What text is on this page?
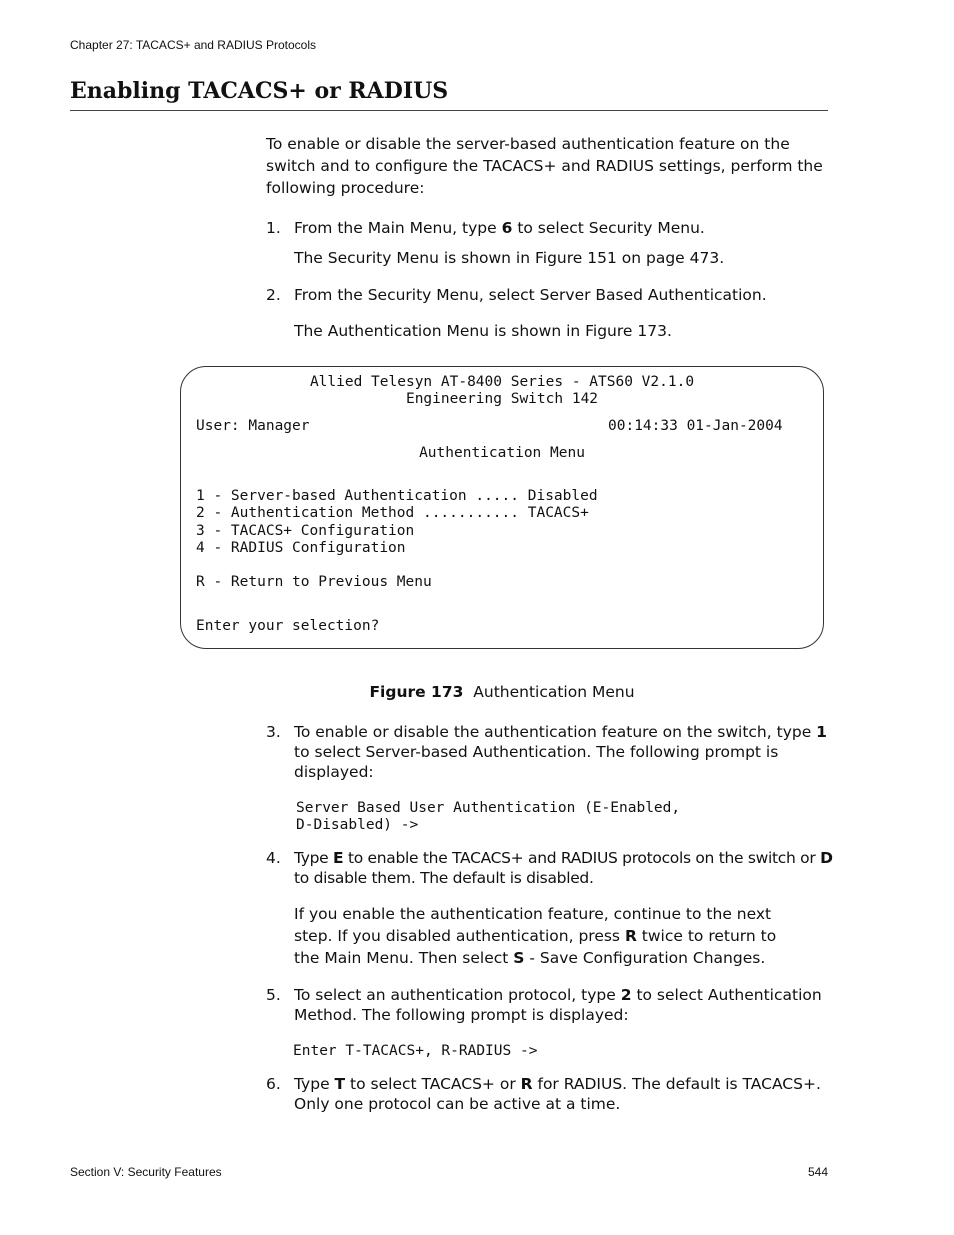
Chapter 27: TACACS+ and RADIUS Protocols
Enabling TACACS+ or RADIUS
To enable or disable the server-based authentication feature on the switch and to configure the TACACS+ and RADIUS settings, perform the following procedure:
1. From the Main Menu, type 6 to select Security Menu.
The Security Menu is shown in Figure 151 on page 473.
2. From the Security Menu, select Server Based Authentication.
The Authentication Menu is shown in Figure 173.
Allied Telesyn AT-8400 Series - ATS60 V2.1.0
Engineering Switch 142
User: Manager	00:14:33 01-Jan-2004
Authentication Menu
1 - Server-based Authentication ..... Disabled
2 - Authentication Method ........... TACACS+
3 - TACACS+ Configuration
4 - RADIUS Configuration
R - Return to Previous Menu
Enter your selection?
Figure 173 Authentication Menu
3. To enable or disable the authentication feature on the switch, type 1 to select Server-based Authentication. The following prompt is displayed:
Server Based User Authentication (E-Enabled,
D-Disabled) ->
4. Type E to enable the TACACS+ and RADIUS protocols on the switch or D to disable them. The default is disabled.
If you enable the authentication feature, continue to the next step. If you disabled authentication, press R twice to return to the Main Menu. Then select S - Save Configuration Changes.
5. To select an authentication protocol, type 2 to select Authentication Method. The following prompt is displayed:
Enter T-TACACS+, R-RADIUS ->
6. Type T to select TACACS+ or R for RADIUS. The default is TACACS+. Only one protocol can be active at a time.
Section V: Security Features	544
